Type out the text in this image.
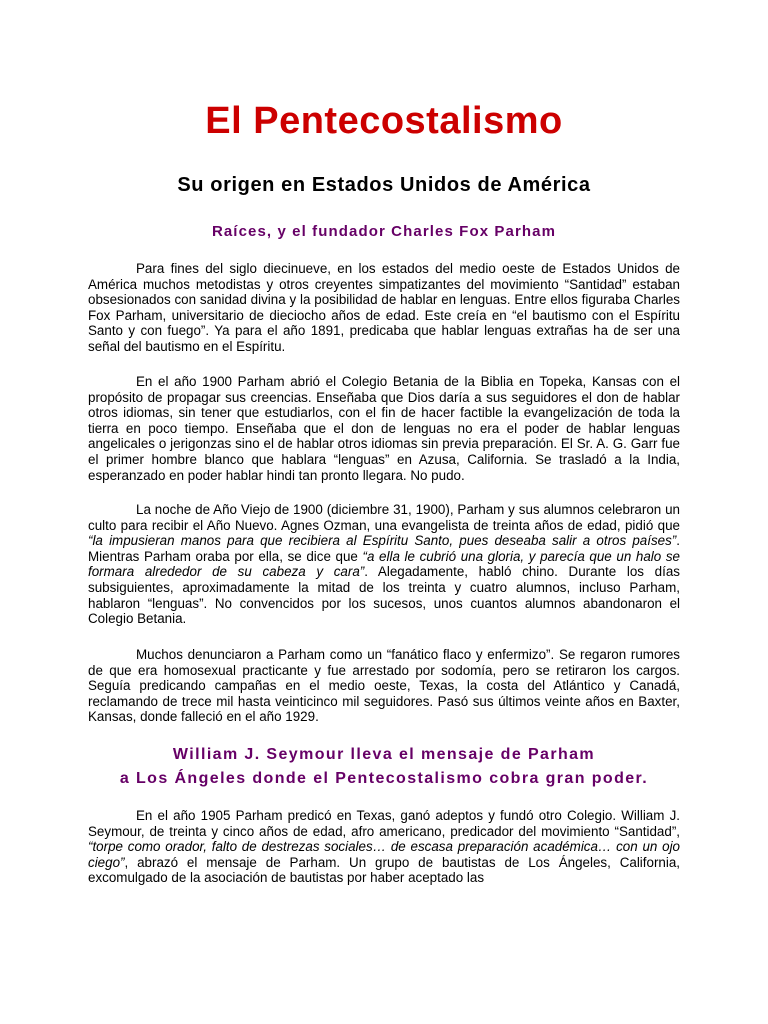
El Pentecostalismo
Su origen en Estados Unidos de América
Raíces, y el fundador Charles Fox Parham

Para fines del siglo diecinueve, en los estados del medio oeste de Estados Unidos de América muchos metodistas y otros creyentes simpatizantes del movimiento “Santidad” estaban obsesionados con sanidad divina y la posibilidad de hablar en lenguas. Entre ellos figuraba Charles Fox Parham, universitario de dieciocho años de edad. Este creía en “el bautismo con el Espíritu Santo y con fuego”. Ya para el año 1891, predicaba que hablar lenguas extrañas ha de ser una señal del bautismo en el Espíritu.

En el año 1900 Parham abrió el Colegio Betania de la Biblia en Topeka, Kansas con el propósito de propagar sus creencias. Enseñaba que Dios daría a sus seguidores el don de hablar otros idiomas, sin tener que estudiarlos, con el fin de hacer factible la evangelización de toda la tierra en poco tiempo. Enseñaba que el don de lenguas no era el poder de hablar lenguas angelicales o jerigonzas sino el de hablar otros idiomas sin previa preparación. El Sr. A. G. Garr fue el primer hombre blanco que hablara “lenguas” en Azusa, California. Se trasladó a la India, esperanzado en poder hablar hindi tan pronto llegara. No pudo.

La noche de Año Viejo de 1900 (diciembre 31, 1900), Parham y sus alumnos celebraron un culto para recibir el Año Nuevo. Agnes Ozman, una evangelista de treinta años de edad, pidió que “la impusieran manos para que recibiera al Espíritu Santo, pues deseaba salir a otros países”. Mientras Parham oraba por ella, se dice que “a ella le cubrió una gloria, y parecía que un halo se formara alrededor de su cabeza y cara”. Alegadamente, habló chino. Durante los días subsiguientes, aproximadamente la mitad de los treinta y cuatro alumnos, incluso Parham, hablaron “lenguas”. No convencidos por los sucesos, unos cuantos alumnos abandonaron el Colegio Betania.

Muchos denunciaron a Parham como un “fanático flaco y enfermizo”. Se regaron rumores de que era homosexual practicante y fue arrestado por sodomía, pero se retiraron los cargos. Seguía predicando campañas en el medio oeste, Texas, la costa del Atlántico y Canadá, reclamando de trece mil hasta veinticinco mil seguidores. Pasó sus últimos veinte años en Baxter, Kansas, donde falleció en el año 1929.

William J. Seymour lleva el mensaje de Parham
a Los Ángeles donde el Pentecostalismo cobra gran poder.

En el año 1905 Parham predicó en Texas, ganó adeptos y fundó otro Colegio. William J. Seymour, de treinta y cinco años de edad, afro americano, predicador del movimiento “Santidad”, “torpe como orador, falto de destrezas sociales… de escasa preparación académica… con un ojo ciego”, abrazó el mensaje de Parham. Un grupo de bautistas de Los Ángeles, California, excomulgado de la asociación de bautistas por haber aceptado las
